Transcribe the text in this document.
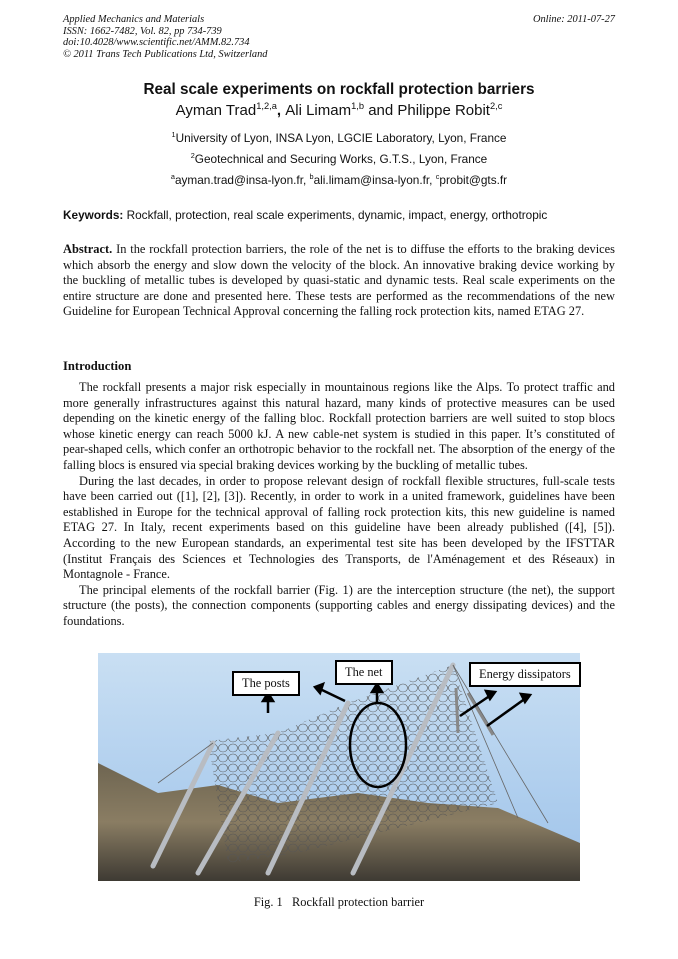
Applied Mechanics and Materials
ISSN: 1662-7482, Vol. 82, pp 734-739
doi:10.4028/www.scientific.net/AMM.82.734
© 2011 Trans Tech Publications Ltd, Switzerland
Online: 2011-07-27
Real scale experiments on rockfall protection barriers
Ayman Trad$^{1,2,a}$, Ali Limam$^{1,b}$ and Philippe Robit$^{2,c}$
$^1$University of Lyon, INSA Lyon, LGCIE Laboratory, Lyon, France
$^2$Geotechnical and Securing Works, G.T.S., Lyon, France
$^a$ayman.trad@insa-lyon.fr, $^b$ali.limam@insa-lyon.fr, $^c$probit@gts.fr
Keywords: Rockfall, protection, real scale experiments, dynamic, impact, energy, orthotropic

Abstract. In the rockfall protection barriers, the role of the net is to diffuse the efforts to the braking devices which absorb the energy and slow down the velocity of the block. An innovative braking device working by the buckling of metallic tubes is developed by quasi-static and dynamic tests. Real scale experiments on the entire structure are done and presented here. These tests are performed as the recommendations of the new Guideline for European Technical Approval concerning the falling rock protection kits, named ETAG 27.

Introduction

The rockfall presents a major risk especially in mountainous regions like the Alps. To protect traffic and more generally infrastructures against this natural hazard, many kinds of protective measures can be used depending on the kinetic energy of the falling bloc. Rockfall protection barriers are well suited to stop blocs whose kinetic energy can reach 5000 kJ. A new cable-net system is studied in this paper. It’s constituted of pear-shaped cells, which confer an orthotropic behavior to the rockfall net. The absorption of the energy of the falling blocs is ensured via special braking devices working by the buckling of metallic tubes.

During the last decades, in order to propose relevant design of rockfall flexible structures, full-scale tests have been carried out ([1], [2], [3]). Recently, in order to work in a united framework, guidelines have been established in Europe for the technical approval of falling rock protection kits, this new guideline is named ETAG 27. In Italy, recent experiments based on this guideline have been already published ([4], [5]). According to the new European standards, an experimental test site has been developed by the IFSTTAR (Institut Français des Sciences et Technologies des Transports, de l'Aménagement et des Réseaux) in Montagnole - France.

The principal elements of the rockfall barrier (Fig. 1) are the interception structure (the net), the support structure (the posts), the connection components (supporting cables and energy dissipating devices) and the foundations.

The posts
The net	Energy dissipators
Fig. 1   Rockfall protection barrier
